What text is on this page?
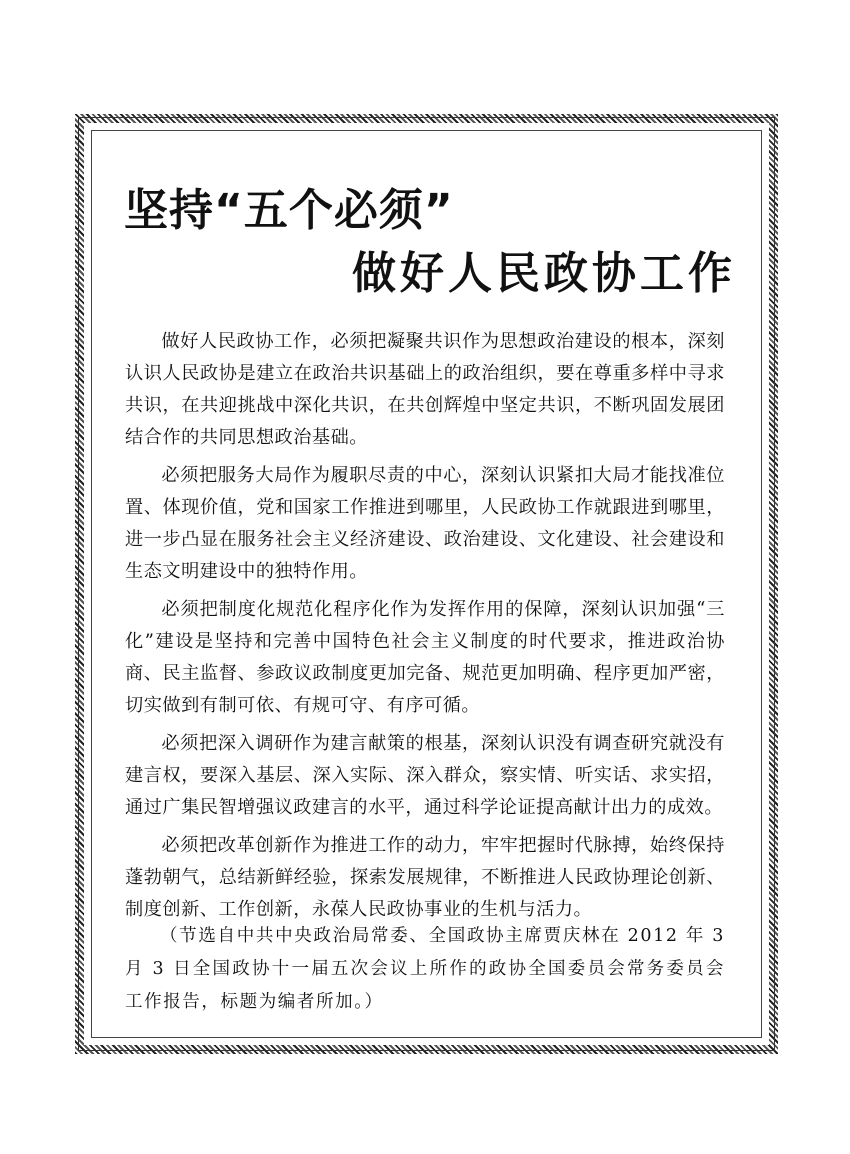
坚持“五个必须”
做好人民政协工作

做好人民政协工作，必须把凝聚共识作为思想政治建设的根本，深刻认识人民政协是建立在政治共识基础上的政治组织，要在尊重多样中寻求共识，在共迎挑战中深化共识，在共创辉煌中坚定共识，不断巩固发展团结合作的共同思想政治基础。

必须把服务大局作为履职尽责的中心，深刻认识紧扣大局才能找准位置、体现价值，党和国家工作推进到哪里，人民政协工作就跟进到哪里，进一步凸显在服务社会主义经济建设、政治建设、文化建设、社会建设和生态文明建设中的独特作用。

必须把制度化规范化程序化作为发挥作用的保障，深刻认识加强“三化”建设是坚持和完善中国特色社会主义制度的时代要求，推进政治协商、民主监督、参政议政制度更加完备、规范更加明确、程序更加严密，切实做到有制可依、有规可守、有序可循。

必须把深入调研作为建言献策的根基，深刻认识没有调查研究就没有建言权，要深入基层、深入实际、深入群众，察实情、听实话、求实招，通过广集民智增强议政建言的水平，通过科学论证提高献计出力的成效。

必须把改革创新作为推进工作的动力，牢牢把握时代脉搏，始终保持蓬勃朝气，总结新鲜经验，探索发展规律，不断推进人民政协理论创新、制度创新、工作创新，永葆人民政协事业的生机与活力。

（节选自中共中央政治局常委、全国政协主席贾庆林在 2012 年 3 月 3 日全国政协十一届五次会议上所作的政协全国委员会常务委员会工作报告，标题为编者所加。）
